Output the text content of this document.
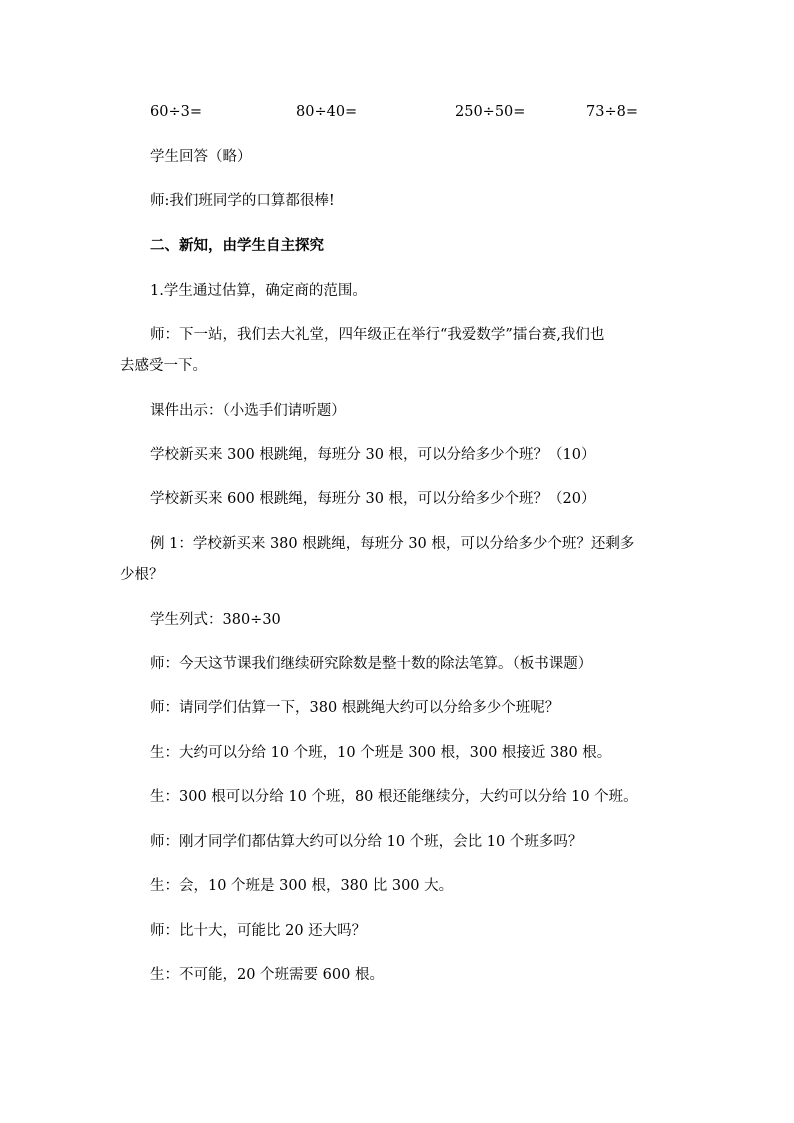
60÷3=	80÷40=	250÷50=	73÷8=
学生回答（略）
师:我们班同学的口算都很棒!
二、新知，由学生自主探究
1.学生通过估算，确定商的范围。
师：下一站，我们去大礼堂，四年级正在举行“我爱数学”擂台赛,我们也
去感受一下。
课件出示：（小选手们请听题）
学校新买来 300 根跳绳，每班分 30 根，可以分给多少个班？（10）
学校新买来 600 根跳绳，每班分 30 根，可以分给多少个班？（20）
例 1：学校新买来 380 根跳绳，每班分 30 根，可以分给多少个班？还剩多
少根？
学生列式：380÷30
师：今天这节课我们继续研究除数是整十数的除法笔算。（板书课题）
师：请同学们估算一下，380 根跳绳大约可以分给多少个班呢？
生：大约可以分给 10 个班，10 个班是 300 根，300 根接近 380 根。
生：300 根可以分给 10 个班，80 根还能继续分，大约可以分给 10 个班。
师：刚才同学们都估算大约可以分给 10 个班，会比 10 个班多吗？
生：会，10 个班是 300 根，380 比 300 大。
师：比十大，可能比 20 还大吗？
生：不可能，20 个班需要 600 根。
